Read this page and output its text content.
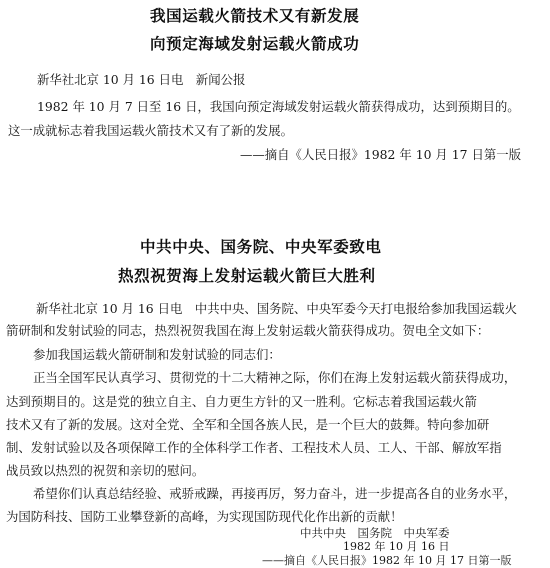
我国运载火箭技术又有新发展

向预定海域发射运载火箭成功

新华社北京 10 月 16 日电　新闻公报

1982 年 10 月 7 日至 16 日，我国向预定海域发射运载火箭获得成功，达到预期目的。

这一成就标志着我国运载火箭技术又有了新的发展。

——摘自《人民日报》1982 年 10 月 17 日第一版

中共中央、国务院、中央军委致电

热烈祝贺海上发射运载火箭巨大胜利

新华社北京 10 月 16 日电　中共中央、国务院、中央军委今天打电报给参加我国运载火

箭研制和发射试验的同志，热烈祝贺我国在海上发射运载火箭获得成功。贺电全文如下：

参加我国运载火箭研制和发射试验的同志们：

正当全国军民认真学习、贯彻党的十二大精神之际，你们在海上发射运载火箭获得成功，

达到预期目的。这是党的独立自主、自力更生方针的又一胜利。它标志着我国运载火箭

技术又有了新的发展。这对全党、全军和全国各族人民，是一个巨大的鼓舞。特向参加研

制、发射试验以及各项保障工作的全体科学工作者、工程技术人员、工人、干部、解放军指

战员致以热烈的祝贺和亲切的慰问。

希望你们认真总结经验、戒骄戒躁，再接再厉，努力奋斗，进一步提高各自的业务水平，

为国防科技、国防工业攀登新的高峰，为实现国防现代化作出新的贡献！

中共中央　国务院　中央军委

1982 年 10 月 16 日

——摘自《人民日报》1982 年 10 月 17 日第一版
